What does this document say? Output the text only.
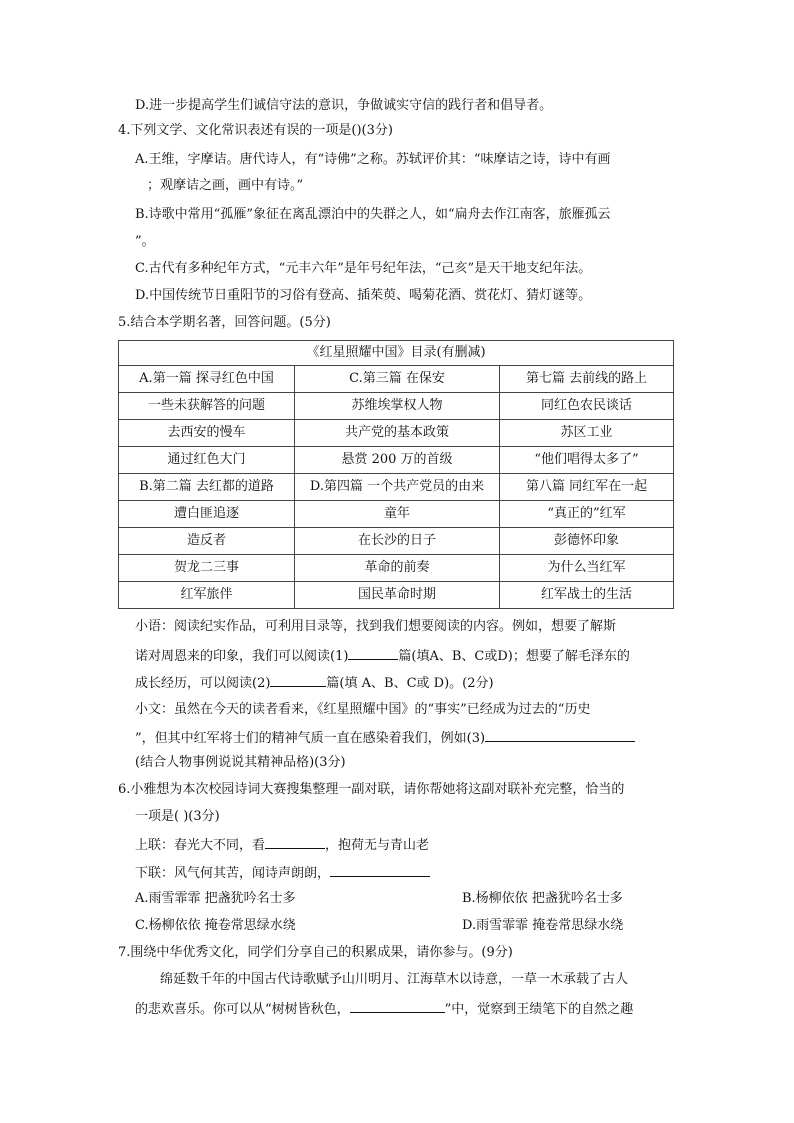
D.进一步提高学生们诚信守法的意识，争做诚实守信的践行者和倡导者。
4.下列文学、文化常识表述有误的一项是()(3分)
A.王维，字摩诘。唐代诗人，有“诗佛”之称。苏轼评价其：“味摩诘之诗，诗中有画
；观摩诘之画，画中有诗。”
B.诗歌中常用“孤雁”象征在离乱漂泊中的失群之人，如“扁舟去作江南客，旅雁孤云
”。
C.古代有多种纪年方式，“元丰六年”是年号纪年法，“己亥”是天干地支纪年法。
D.中国传统节日重阳节的习俗有登高、插茱萸、喝菊花酒、赏花灯、猜灯谜等。
5.结合本学期名著，回答问题。(5分)
《红星照耀中国》目录(有删减)		
A.第一篇 探寻红色中国	C.第三篇 在保安	第七篇 去前线的路上
一些未获解答的问题	苏维埃掌权人物	同红色农民谈话
去西安的慢车	共产党的基本政策	苏区工业
通过红色大门	悬赏 200 万的首级	“他们唱得太多了”
B.第二篇 去红都的道路	D.第四篇 一个共产党员的由来	第八篇 同红军在一起
遭白匪追逐	童年	“真正的”红军
造反者	在长沙的日子	彭德怀印象
贺龙二三事	革命的前奏	为什么当红军
红军旅伴	国民革命时期	红军战士的生活
小语：阅读纪实作品，可利用目录等，找到我们想要阅读的内容。例如，想要了解斯
诺对周恩来的印象，我们可以阅读(1)	篇(填A、B、C或D)；想要了解毛泽东的
成长经历，可以阅读(2)	篇(填 A、B、C或 D)。(2分)
小文：虽然在今天的读者看来，《红星照耀中国》的“事实”已经成为过去的“历史
”，但其中红军将士们的精神气质一直在感染着我们，例如(3)
(结合人物事例说说其精神品格)(3分)
6.小雅想为本次校园诗词大赛搜集整理一副对联，请你帮她将这副对联补充完整，恰当的
一项是( )(3分)
上联：春光大不同，看	，抱荷无与青山老
下联：风气何其苦，闻诗声朗朗，
A.雨雪霏霏 把盏犹吟名士多	B.杨柳依依 把盏犹吟名士多
C.杨柳依依 掩卷常思绿水绕	D.雨雪霏霏 掩卷常思绿水绕
7.围绕中华优秀文化，同学们分享自己的积累成果，请你参与。(9分)
绵延数千年的中国古代诗歌赋予山川明月、江海草木以诗意，一草一木承载了古人
的悲欢喜乐。你可以从“树树皆秋色，	”中，觉察到王绩笔下的自然之趣
